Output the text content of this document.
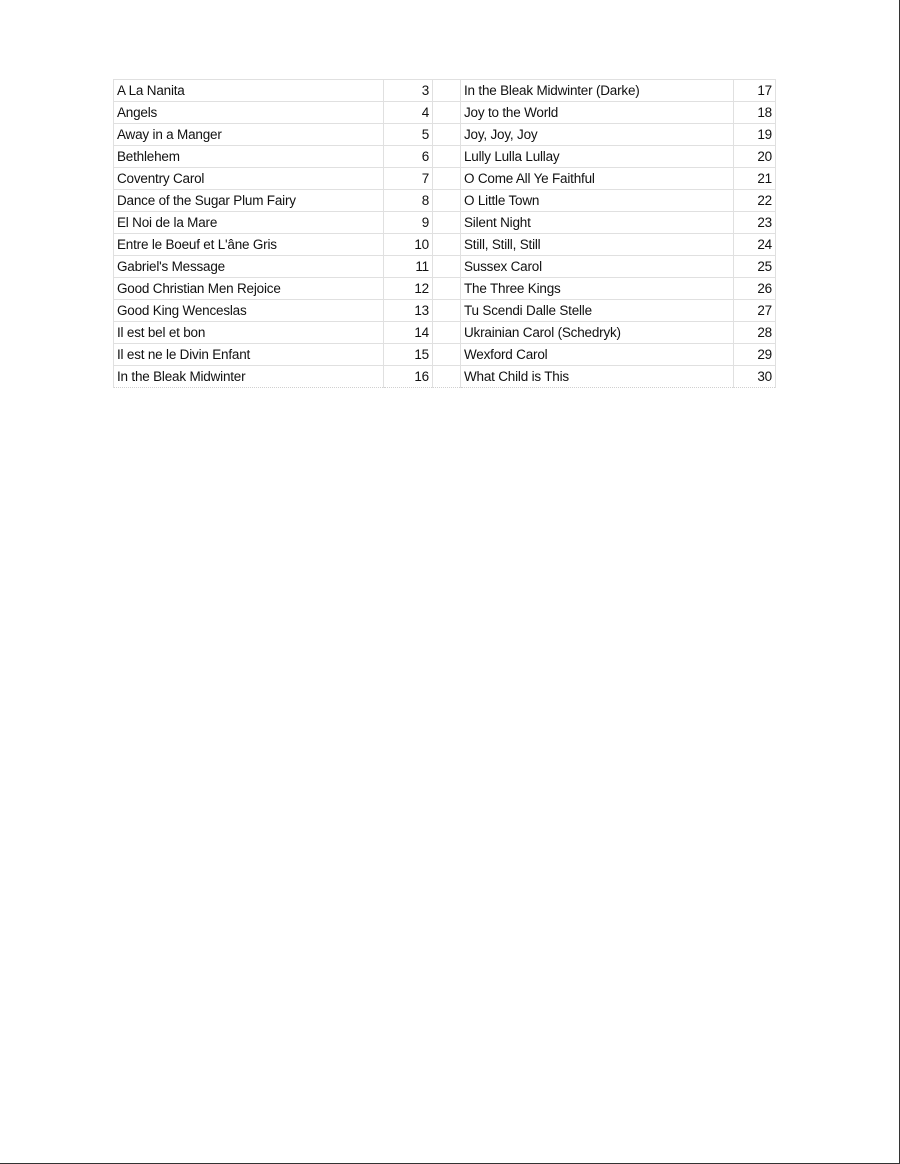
A La Nanita	3		In the Bleak Midwinter (Darke)	17
Angels	4		Joy to the World	18
Away in a Manger	5		Joy, Joy, Joy	19
Bethlehem	6		Lully Lulla Lullay	20
Coventry Carol	7		O Come All Ye Faithful	21
Dance of the Sugar Plum Fairy	8		O Little Town	22
El Noi de la Mare	9		Silent Night	23
Entre le Boeuf et L'âne Gris	10		Still, Still, Still	24
Gabriel's Message	11		Sussex Carol	25
Good Christian Men Rejoice	12		The Three Kings	26
Good King Wenceslas	13		Tu Scendi Dalle Stelle	27
Il est bel et bon	14		Ukrainian Carol (Schedryk)	28
Il est ne le Divin Enfant	15		Wexford Carol	29
In the Bleak Midwinter	16		What Child is This	30
